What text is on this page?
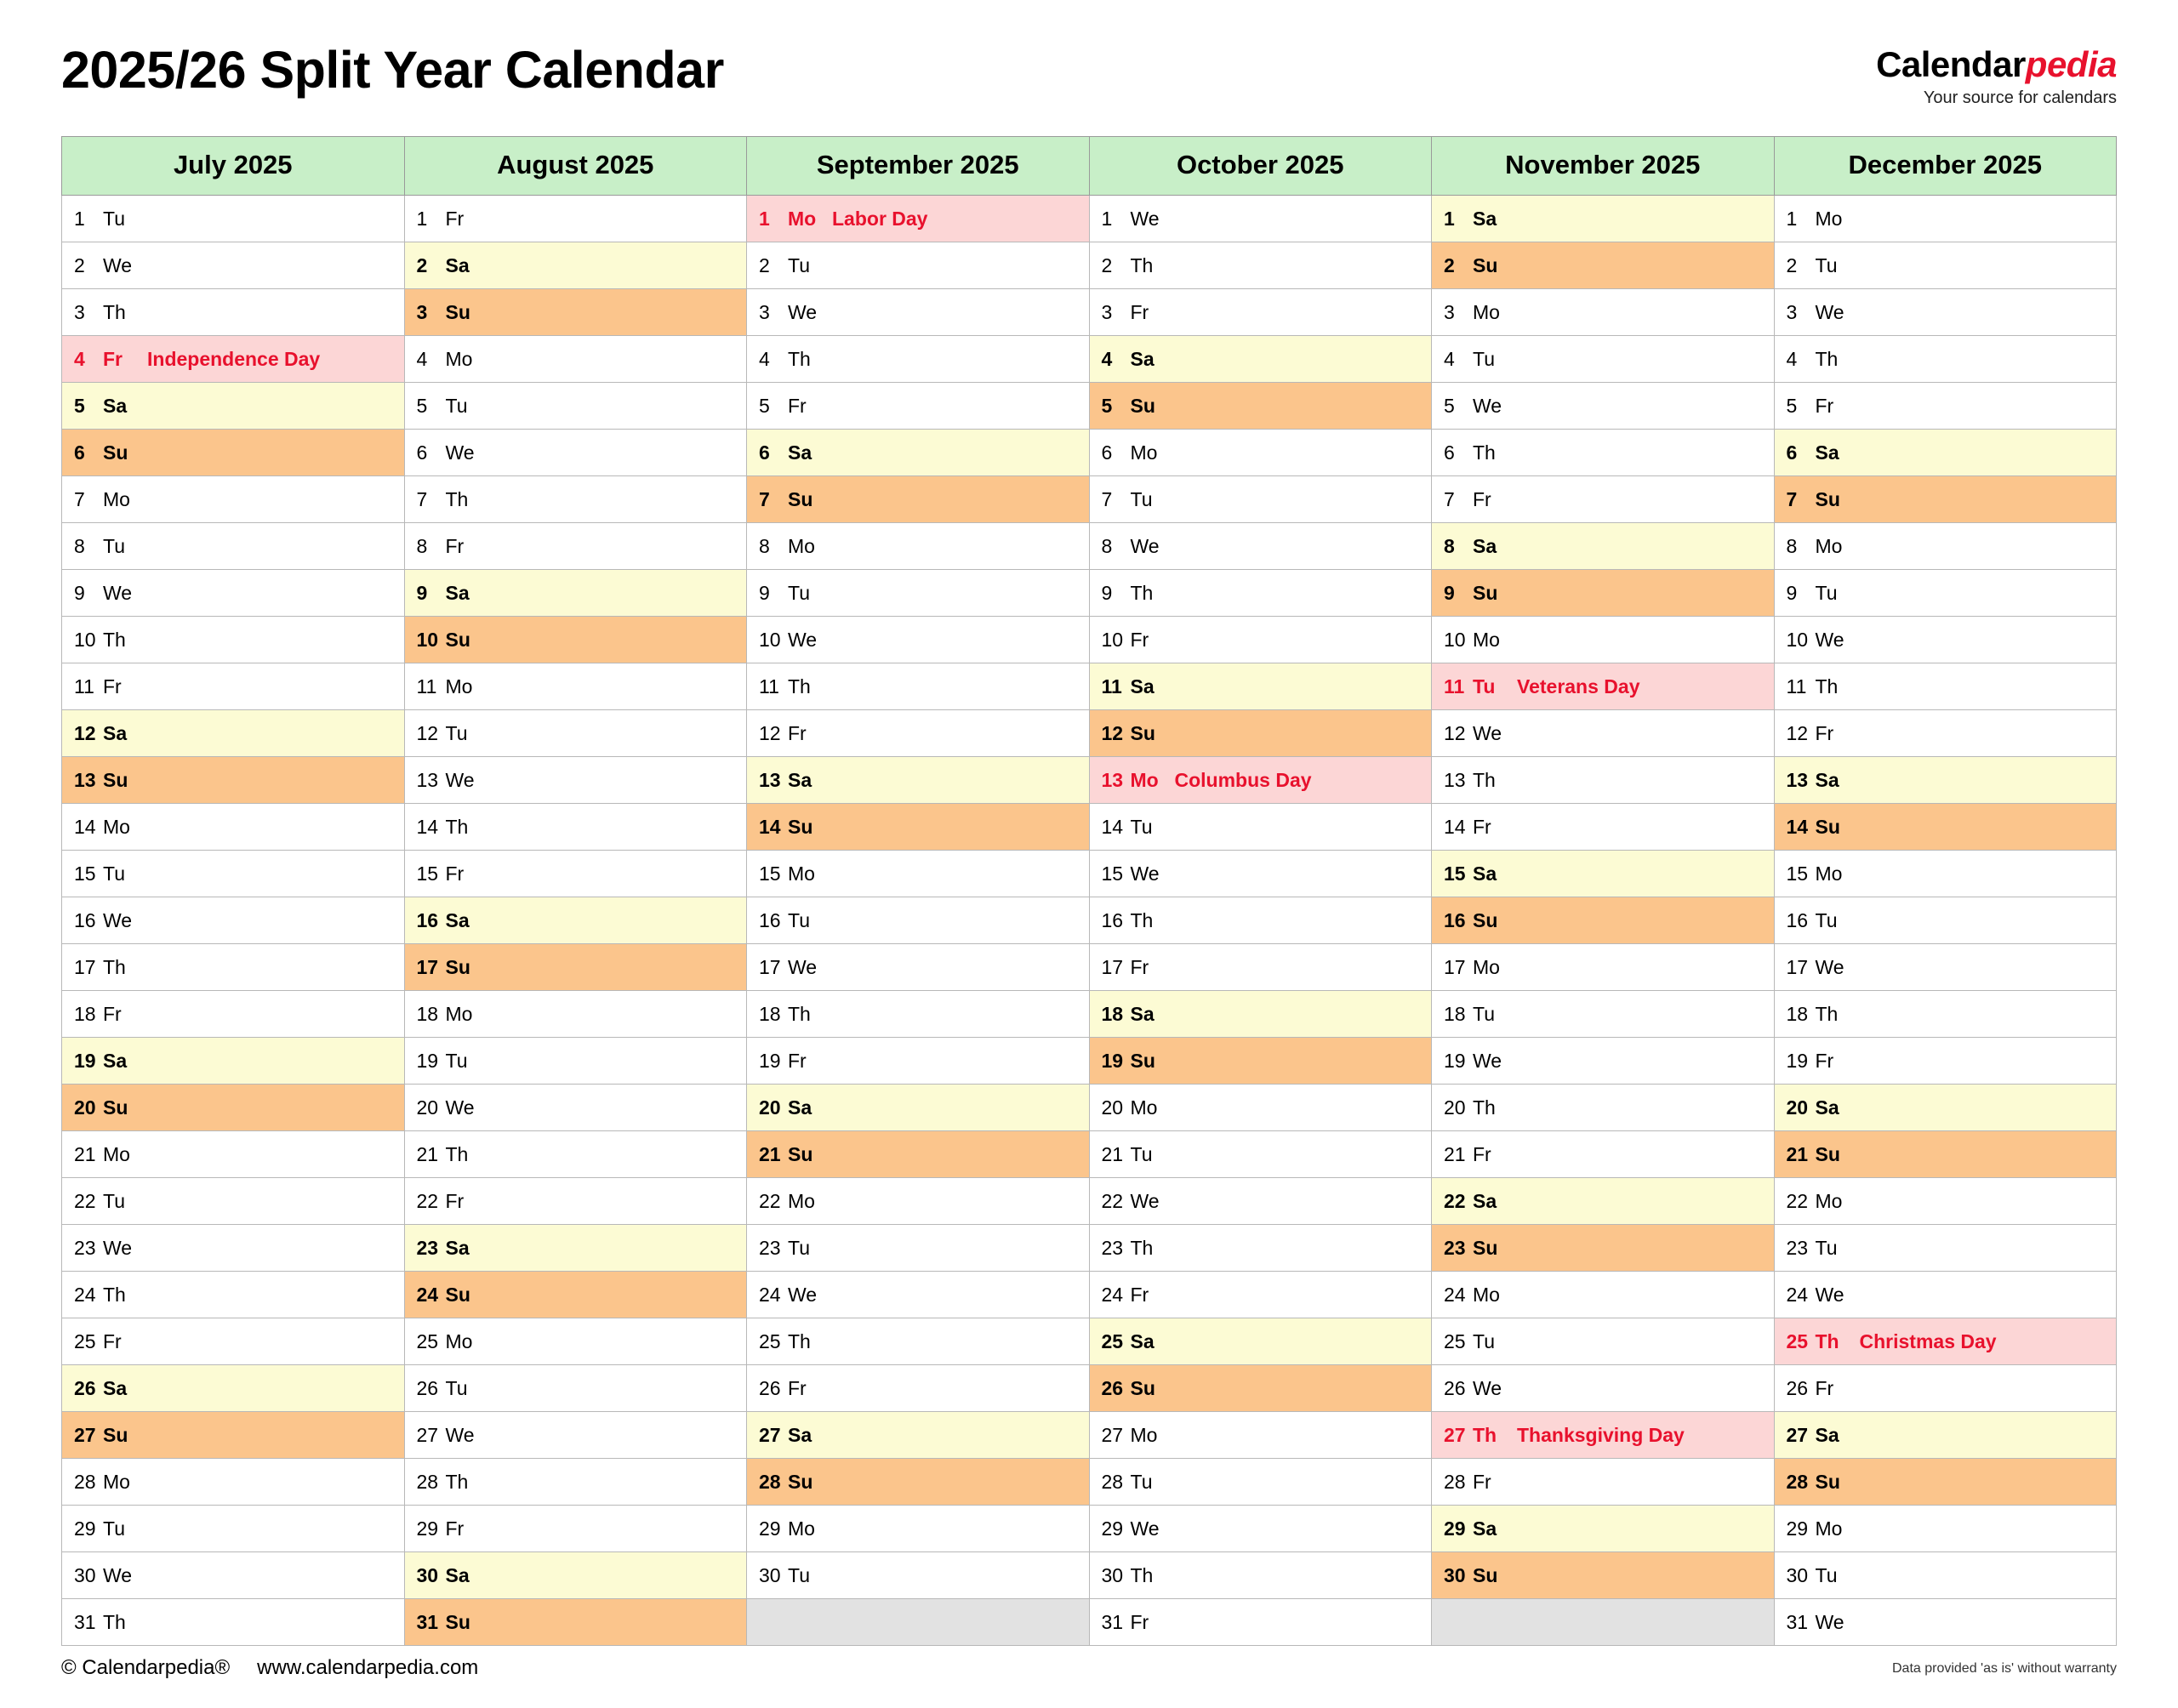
2025/26 Split Year Calendar	Calendarpedia
Your source for calendars
July 2025	August 2025	September 2025	October 2025	November 2025	December 2025
1 Tu	1 Fr	1 Mo Labor Day	1 We	1 Sa	1 Mo
2 We	2 Sa	2 Tu	2 Th	2 Su	2 Tu
3 Th	3 Su	3 We	3 Fr	3 Mo	3 We
4 Fr Independence Day	4 Mo	4 Th	4 Sa	4 Tu	4 Th
5 Sa	5 Tu	5 Fr	5 Su	5 We	5 Fr
6 Su	6 We	6 Sa	6 Mo	6 Th	6 Sa
7 Mo	7 Th	7 Su	7 Tu	7 Fr	7 Su
8 Tu	8 Fr	8 Mo	8 We	8 Sa	8 Mo
9 We	9 Sa	9 Tu	9 Th	9 Su	9 Tu
10 Th	10 Su	10 We	10 Fr	10 Mo	10 We
11 Fr	11 Mo	11 Th	11 Sa	11 Tu Veterans Day	11 Th
12 Sa	12 Tu	12 Fr	12 Su	12 We	12 Fr
13 Su	13 We	13 Sa	13 Mo Columbus Day	13 Th	13 Sa
14 Mo	14 Th	14 Su	14 Tu	14 Fr	14 Su
15 Tu	15 Fr	15 Mo	15 We	15 Sa	15 Mo
16 We	16 Sa	16 Tu	16 Th	16 Su	16 Tu
17 Th	17 Su	17 We	17 Fr	17 Mo	17 We
18 Fr	18 Mo	18 Th	18 Sa	18 Tu	18 Th
19 Sa	19 Tu	19 Fr	19 Su	19 We	19 Fr
20 Su	20 We	20 Sa	20 Mo	20 Th	20 Sa
21 Mo	21 Th	21 Su	21 Tu	21 Fr	21 Su
22 Tu	22 Fr	22 Mo	22 We	22 Sa	22 Mo
23 We	23 Sa	23 Tu	23 Th	23 Su	23 Tu
24 Th	24 Su	24 We	24 Fr	24 Mo	24 We
25 Fr	25 Mo	25 Th	25 Sa	25 Tu	25 Th Christmas Day
26 Sa	26 Tu	26 Fr	26 Su	26 We	26 Fr
27 Su	27 We	27 Sa	27 Mo	27 Th Thanksgiving Day	27 Sa
28 Mo	28 Th	28 Su	28 Tu	28 Fr	28 Su
29 Tu	29 Fr	29 Mo	29 We	29 Sa	29 Mo
30 We	30 Sa	30 Tu	30 Th	30 Su	30 Tu
31 Th	31 Su		31 Fr		31 We
© Calendarpedia® www.calendarpedia.com	Data provided 'as is' without warranty
